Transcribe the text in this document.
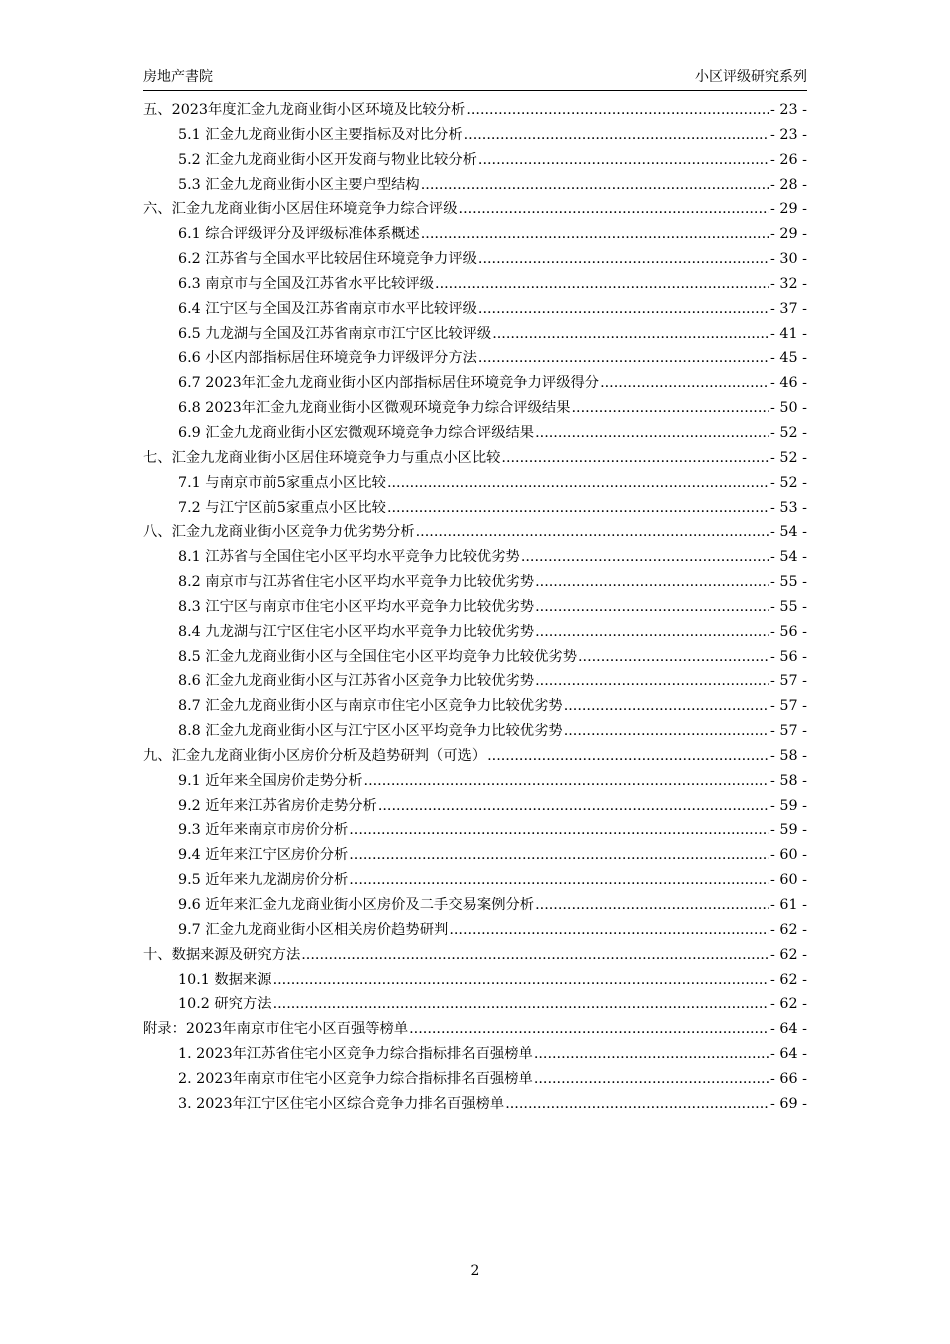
房地产書院	小区评级研究系列
五、2023年度汇金九龙商业街小区环境及比较分析 .....	- 23 -
5.1 汇金九龙商业街小区主要指标及对比分析 .....	- 23 -
5.2 汇金九龙商业街小区开发商与物业比较分析 .....	- 26 -
5.3 汇金九龙商业街小区主要户型结构 .....	- 28 -
六、汇金九龙商业街小区居住环境竞争力综合评级 .....	- 29 -
6.1 综合评级评分及评级标准体系概述 .....	- 29 -
6.2 江苏省与全国水平比较居住环境竞争力评级 .....	- 30 -
6.3 南京市与全国及江苏省水平比较评级 .....	- 32 -
6.4 江宁区与全国及江苏省南京市水平比较评级 .....	- 37 -
6.5 九龙湖与全国及江苏省南京市江宁区比较评级 .....	- 41 -
6.6 小区内部指标居住环境竞争力评级评分方法 .....	- 45 -
6.7 2023年汇金九龙商业街小区内部指标居住环境竞争力评级得分 .....	- 46 -
6.8 2023年汇金九龙商业街小区微观环境竞争力综合评级结果 .....	- 50 -
6.9 汇金九龙商业街小区宏微观环境竞争力综合评级结果 .....	- 52 -
七、汇金九龙商业街小区居住环境竞争力与重点小区比较 .....	- 52 -
7.1 与南京市前5家重点小区比较 .....	- 52 -
7.2 与江宁区前5家重点小区比较 .....	- 53 -
八、汇金九龙商业街小区竞争力优劣势分析 .....	- 54 -
8.1 江苏省与全国住宅小区平均水平竞争力比较优劣势 .....	- 54 -
8.2 南京市与江苏省住宅小区平均水平竞争力比较优劣势 .....	- 55 -
8.3 江宁区与南京市住宅小区平均水平竞争力比较优劣势 .....	- 55 -
8.4 九龙湖与江宁区住宅小区平均水平竞争力比较优劣势 .....	- 56 -
8.5 汇金九龙商业街小区与全国住宅小区平均竞争力比较优劣势 .....	- 56 -
8.6 汇金九龙商业街小区与江苏省小区竞争力比较优劣势 .....	- 57 -
8.7 汇金九龙商业街小区与南京市住宅小区竞争力比较优劣势 .....	- 57 -
8.8 汇金九龙商业街小区与江宁区小区平均竞争力比较优劣势 .....	- 57 -
九、汇金九龙商业街小区房价分析及趋势研判（可选） .....	- 58 -
9.1 近年来全国房价走势分析 .....	- 58 -
9.2 近年来江苏省房价走势分析 .....	- 59 -
9.3 近年来南京市房价分析 .....	- 59 -
9.4 近年来江宁区房价分析 .....	- 60 -
9.5 近年来九龙湖房价分析 .....	- 60 -
9.6 近年来汇金九龙商业街小区房价及二手交易案例分析 .....	- 61 -
9.7 汇金九龙商业街小区相关房价趋势研判 .....	- 62 -
十、数据来源及研究方法 .....	- 62 -
10.1 数据来源 .....	- 62 -
10.2 研究方法 .....	- 62 -
附录：2023年南京市住宅小区百强等榜单 .....	- 64 -
1. 2023年江苏省住宅小区竞争力综合指标排名百强榜单 .....	- 64 -
2. 2023年南京市住宅小区竞争力综合指标排名百强榜单 .....	- 66 -
3. 2023年江宁区住宅小区综合竞争力排名百强榜单 .....	- 69 -
2
